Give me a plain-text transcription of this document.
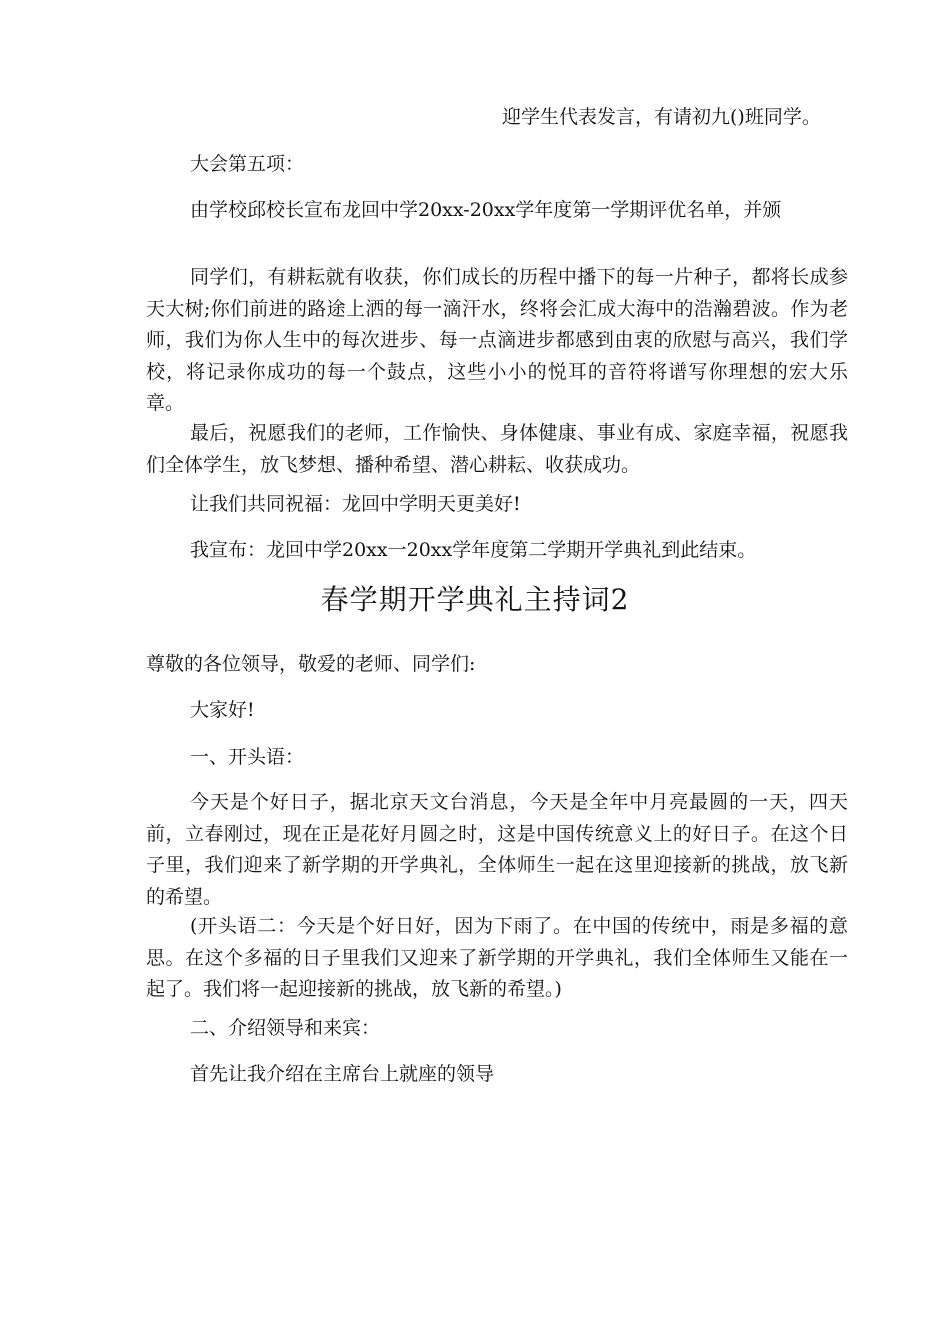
迎学生代表发言，有请初九()班同学。
大会第五项：
由学校邱校长宣布龙回中学20xx-20xx学年度第一学期评优名单，并颁
同学们，有耕耘就有收获，你们成长的历程中播下的每一片种子，都将长成参天大树;你们前进的路途上洒的每一滴汗水，终将会汇成大海中的浩瀚碧波。作为老师，我们为你人生中的每次进步、每一点滴进步都感到由衷的欣慰与高兴，我们学校，将记录你成功的每一个鼓点，这些小小的悦耳的音符将谱写你理想的宏大乐章。
最后，祝愿我们的老师，工作愉快、身体健康、事业有成、家庭幸福，祝愿我们全体学生，放飞梦想、播种希望、潜心耕耘、收获成功。
让我们共同祝福：龙回中学明天更美好!
我宣布：龙回中学20xx一20xx学年度第二学期开学典礼到此结束。
春学期开学典礼主持词2
尊敬的各位领导，敬爱的老师、同学们:
大家好!
一、开头语：
今天是个好日子，据北京天文台消息，今天是全年中月亮最圆的一天，四天前，立春刚过，现在正是花好月圆之时，这是中国传统意义上的好日子。在这个日子里，我们迎来了新学期的开学典礼，全体师生一起在这里迎接新的挑战，放飞新的希望。
(开头语二：今天是个好日好，因为下雨了。在中国的传统中，雨是多福的意思。在这个多福的日子里我们又迎来了新学期的开学典礼，我们全体师生又能在一起了。我们将一起迎接新的挑战，放飞新的希望。)
二、介绍领导和来宾：
首先让我介绍在主席台上就座的领导
